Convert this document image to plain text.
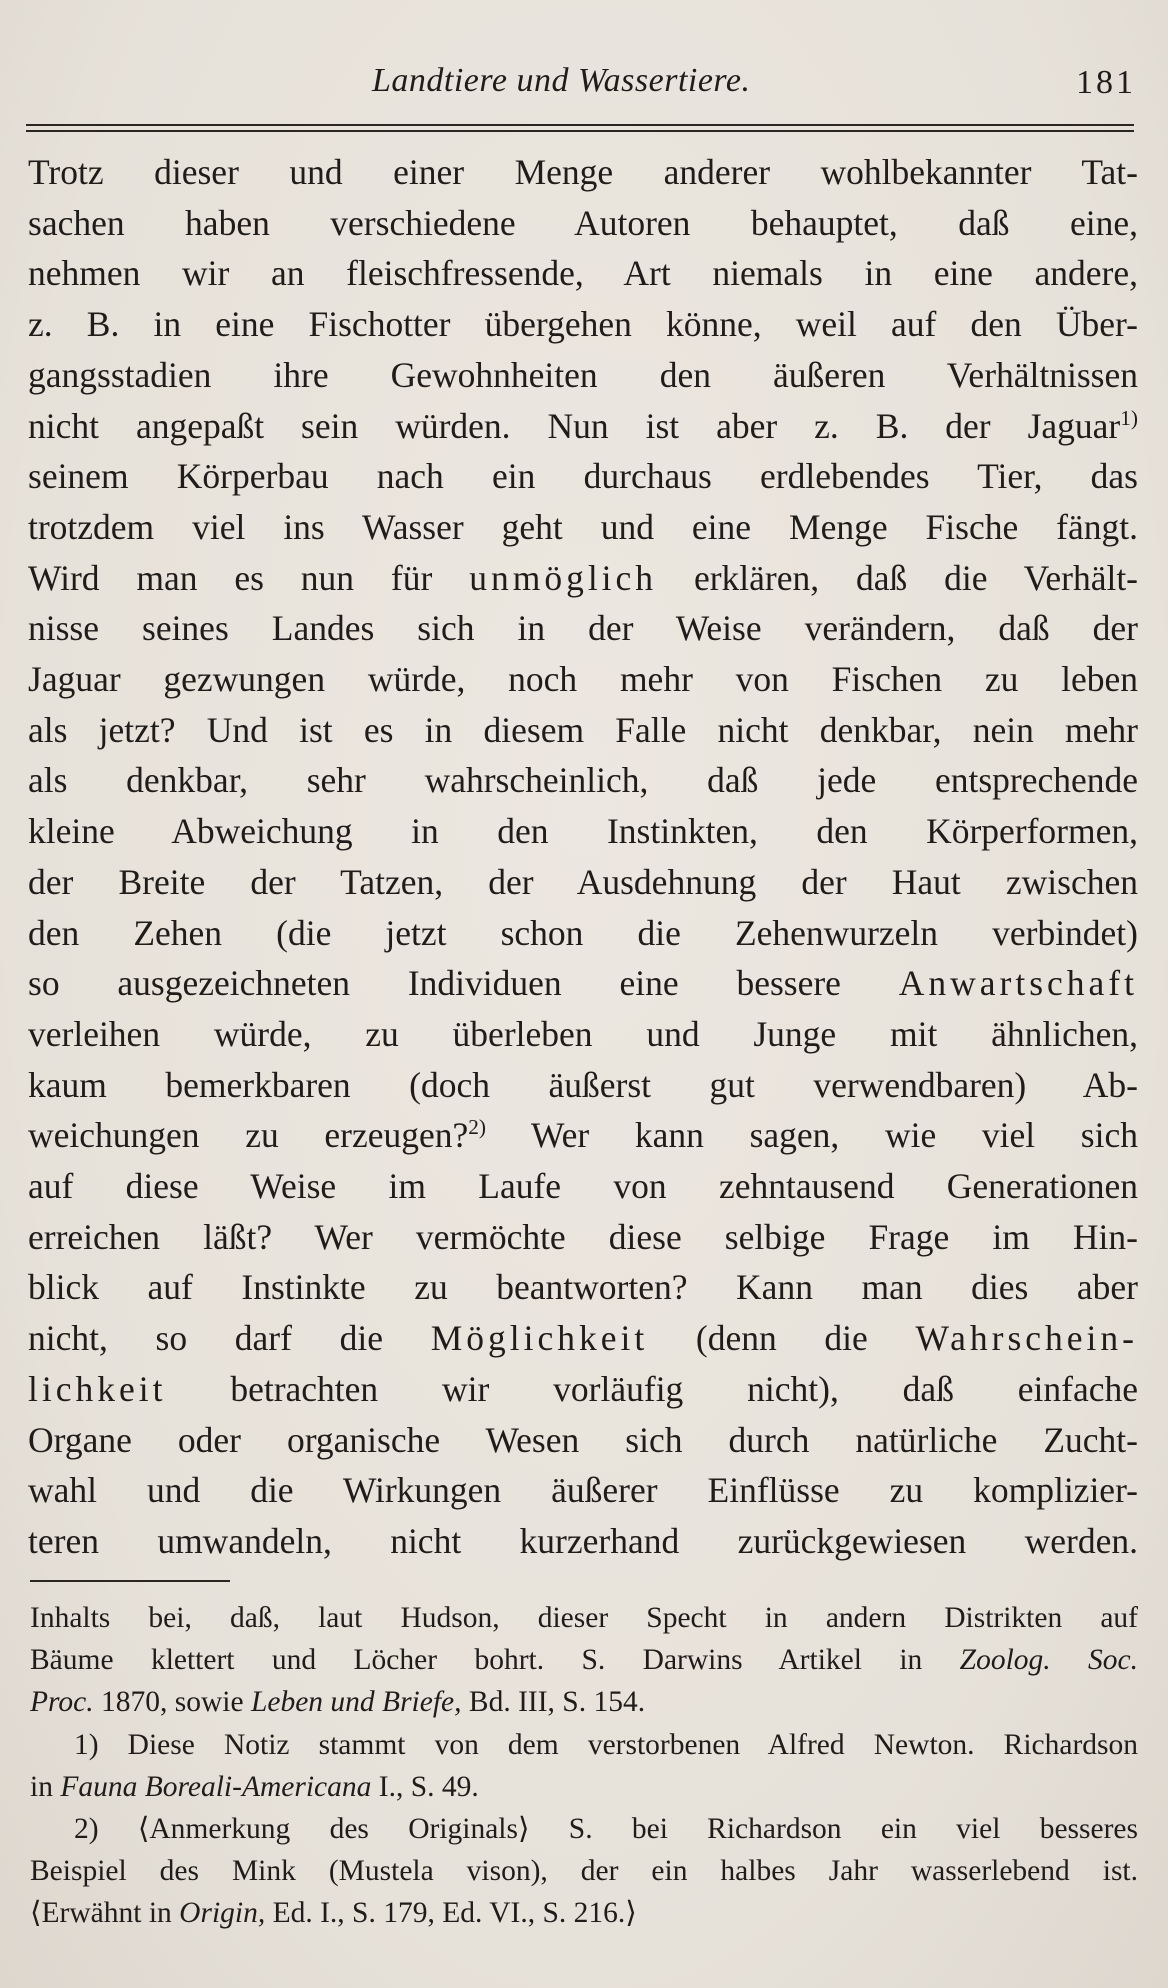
Landtiere und Wassertiere.	181
Trotz dieser und einer Menge anderer wohlbekannter Tat-
sachen haben verschiedene Autoren behauptet, daß eine,
nehmen wir an fleischfressende, Art niemals in eine andere,
z. B. in eine Fischotter übergehen könne, weil auf den Über-
gangsstadien ihre Gewohnheiten den äußeren Verhältnissen
nicht angepaßt sein würden. Nun ist aber z. B. der Jaguar$^{1)}$
seinem Körperbau nach ein durchaus erdlebendes Tier, das
trotzdem viel ins Wasser geht und eine Menge Fische fängt.
Wird man es nun für unmöglich erklären, daß die Verhält-
nisse seines Landes sich in der Weise verändern, daß der
Jaguar gezwungen würde, noch mehr von Fischen zu leben
als jetzt? Und ist es in diesem Falle nicht denkbar, nein mehr
als denkbar, sehr wahrscheinlich, daß jede entsprechende
kleine Abweichung in den Instinkten, den Körperformen,
der Breite der Tatzen, der Ausdehnung der Haut zwischen
den Zehen (die jetzt schon die Zehenwurzeln verbindet)
so ausgezeichneten Individuen eine bessere Anwartschaft
verleihen würde, zu überleben und Junge mit ähnlichen,
kaum bemerkbaren (doch äußerst gut verwendbaren) Ab-
weichungen zu erzeugen?$^{2)}$ Wer kann sagen, wie viel sich
auf diese Weise im Laufe von zehntausend Generationen
erreichen läßt? Wer vermöchte diese selbige Frage im Hin-
blick auf Instinkte zu beantworten? Kann man dies aber
nicht, so darf die Möglichkeit (denn die Wahrschein-
lichkeit betrachten wir vorläufig nicht), daß einfache
Organe oder organische Wesen sich durch natürliche Zucht-
wahl und die Wirkungen äußerer Einflüsse zu komplizier-
teren umwandeln, nicht kurzerhand zurückgewiesen werden.
Inhalts bei, daß, laut Hudson, dieser Specht in andern Distrikten auf
Bäume klettert und Löcher bohrt. S. Darwins Artikel in Zoolog. Soc.
Proc. 1870, sowie Leben und Briefe, Bd. III, S. 154.
1) Diese Notiz stammt von dem verstorbenen Alfred Newton. Richardson
in Fauna Boreali-Americana I., S. 49.
2) ⟨Anmerkung des Originals⟩ S. bei Richardson ein viel besseres
Beispiel des Mink (Mustela vison), der ein halbes Jahr wasserlebend ist.
⟨Erwähnt in Origin, Ed. I., S. 179, Ed. VI., S. 216.⟩
